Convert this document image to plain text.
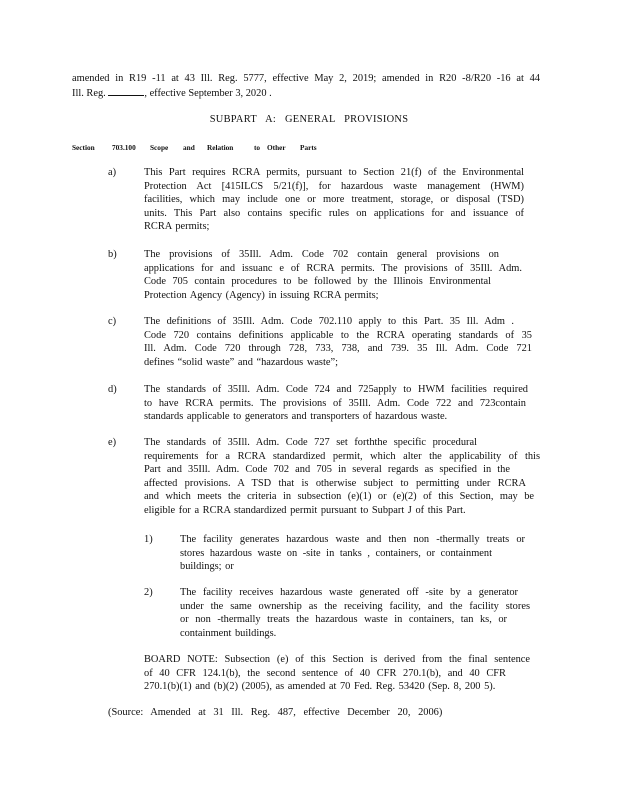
amended in R19 -11 at 43 Ill. Reg. 5777, effective May 2, 2019; amended in R20 -8/R20 -16 at 44
Ill. Reg.	, effective September 3, 2020 .
SUBPART A: GENERAL PROVISIONS
Section 703.100 Scope and Relation	to Other Parts
a)	This Part requires RCRA permits, pursuant to Section 21(f) of the Environmental
Protection Act [415ILCS 5/21(f)], for hazardous waste management (HWM)
facilities, which may include one or more treatment, storage, or disposal (TSD)
units. This Part also contains specific rules on applications for and issuance of
RCRA permits;
b)	The provisions of 35Ill. Adm. Code 702 contain general provisions on
applications for and issuanc e of RCRA permits. The provisions of 35Ill. Adm.
Code 705 contain procedures to be followed by the Illinois Environmental
Protection Agency (Agency) in issuing RCRA permits;
c)	The definitions of 35Ill. Adm. Code 702.110 apply to this Part. 35 Ill. Adm .
Code 720 contains definitions applicable to the RCRA operating standards of 35
Ill. Adm. Code 720 through 728, 733, 738, and 739. 35 Ill. Adm. Code 721
defines “solid waste” and “hazardous waste”;
d)	The standards of 35Ill. Adm. Code 724 and 725apply to HWM facilities required
to have RCRA permits. The provisions of 35Ill. Adm. Code 722 and 723contain
standards applicable to generators and transporters of hazardous waste.
e)	The standards of 35Ill. Adm. Code 727 set forththe specific procedural
requirements for a RCRA standardized permit, which alter the applicability of this
Part and 35Ill. Adm. Code 702 and 705 in several regards as specified in the
affected provisions. A TSD that is otherwise subject to permitting under RCRA
and which meets the criteria in subsection (e)(1) or (e)(2) of this Section, may be
eligible for a RCRA standardized permit pursuant to Subpart J of this Part.
1)	The facility generates hazardous waste and then non -thermally treats or
stores hazardous waste on -site in tanks , containers, or containment
buildings; or
2)	The facility receives hazardous waste generated off -site by a generator
under the same ownership as the receiving facility, and the facility stores
or non -thermally treats the hazardous waste in containers, tan ks, or
containment buildings.
BOARD NOTE: Subsection (e) of this Section is derived from the final sentence
of 40 CFR 124.1(b), the second sentence of 40 CFR 270.1(b), and 40 CFR
270.1(b)(1) and (b)(2) (2005), as amended at 70 Fed. Reg. 53420 (Sep. 8, 200 5).
(Source: Amended at 31 Ill. Reg. 487, effective December 20, 2006)
